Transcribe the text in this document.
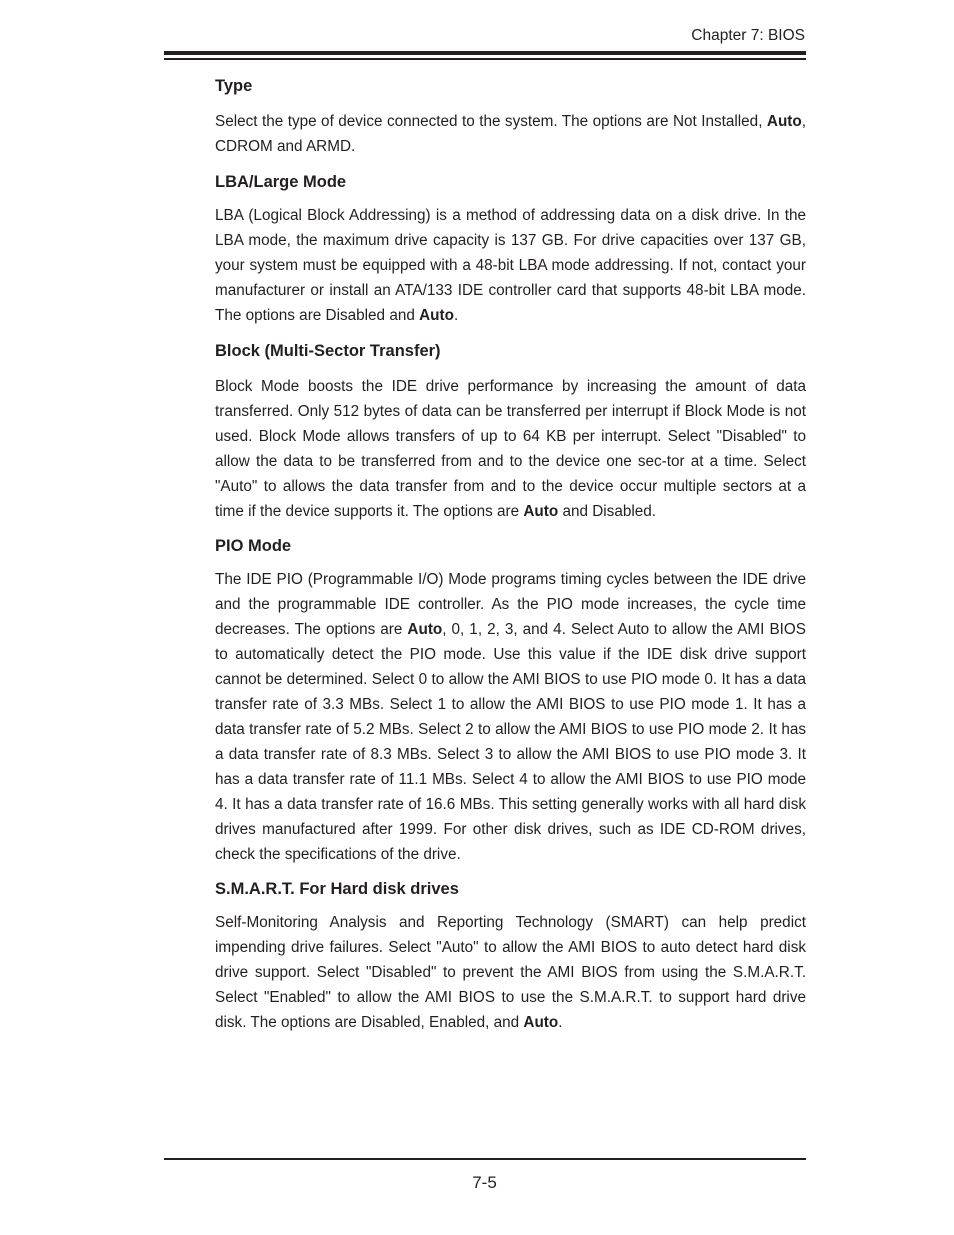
Chapter 7: BIOS
Type

Select the type of device connected to the system. The options are Not Installed, Auto, CDROM and ARMD.

LBA/Large Mode

LBA (Logical Block Addressing) is a method of addressing data on a disk drive. In the LBA mode, the maximum drive capacity is 137 GB. For drive capacities over 137 GB, your system must be equipped with a 48-bit LBA mode addressing. If not, contact your manufacturer or install an ATA/133 IDE controller card that supports 48-bit LBA mode. The options are Disabled and Auto.

Block (Multi-Sector Transfer)

Block Mode boosts the IDE drive performance by increasing the amount of data transferred. Only 512 bytes of data can be transferred per interrupt if Block Mode is not used. Block Mode allows transfers of up to 64 KB per interrupt. Select "Disabled" to allow the data to be transferred from and to the device one sec-tor at a time. Select "Auto" to allows the data transfer from and to the device occur multiple sectors at a time if the device supports it. The options are Auto and Disabled.

PIO Mode

The IDE PIO (Programmable I/O) Mode programs timing cycles between the IDE drive and the programmable IDE controller. As the PIO mode increases, the cycle time decreases. The options are Auto, 0, 1, 2, 3, and 4. Select Auto to allow the AMI BIOS to automatically detect the PIO mode. Use this value if the IDE disk drive support cannot be determined. Select 0 to allow the AMI BIOS to use PIO mode 0. It has a data transfer rate of 3.3 MBs. Select 1 to allow the AMI BIOS to use PIO mode 1. It has a data transfer rate of 5.2 MBs. Select 2 to allow the AMI BIOS to use PIO mode 2. It has a data transfer rate of 8.3 MBs. Select 3 to allow the AMI BIOS to use PIO mode 3. It has a data transfer rate of 11.1 MBs. Select 4 to allow the AMI BIOS to use PIO mode 4. It has a data transfer rate of 16.6 MBs. This setting generally works with all hard disk drives manufactured after 1999. For other disk drives, such as IDE CD-ROM drives, check the specifications of the drive.

S.M.A.R.T. For Hard disk drives

Self-Monitoring Analysis and Reporting Technology (SMART) can help predict impending drive failures. Select "Auto" to allow the AMI BIOS to auto detect hard disk drive support. Select "Disabled" to prevent the AMI BIOS from using the S.M.A.R.T. Select "Enabled" to allow the AMI BIOS to use the S.M.A.R.T. to support hard drive disk. The options are Disabled, Enabled, and Auto.

7-5
